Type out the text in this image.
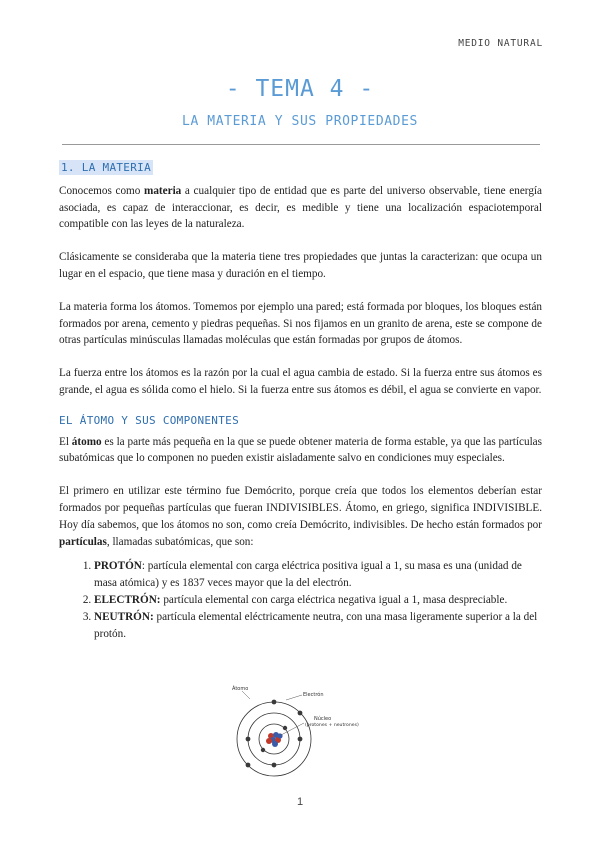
MEDIO NATURAL
- TEMA 4 -
LA MATERIA Y SUS PROPIEDADES
1. LA MATERIA

Conocemos como materia a cualquier tipo de entidad que es parte del universo observable, tiene energía asociada, es capaz de interaccionar, es decir, es medible y tiene una localización espaciotemporal compatible con las leyes de la naturaleza.

Clásicamente se consideraba que la materia tiene tres propiedades que juntas la caracterizan: que ocupa un lugar en el espacio, que tiene masa y duración en el tiempo.

La materia forma los átomos. Tomemos por ejemplo una pared; está formada por bloques, los bloques están formados por arena, cemento y piedras pequeñas. Si nos fijamos en un granito de arena, este se compone de otras partículas minúsculas llamadas moléculas que están formadas por grupos de átomos.

La fuerza entre los átomos es la razón por la cual el agua cambia de estado. Si la fuerza entre sus átomos es grande, el agua es sólida como el hielo. Si la fuerza entre sus átomos es débil, el agua se convierte en vapor.

EL ÁTOMO Y SUS COMPONENTES

El átomo es la parte más pequeña en la que se puede obtener materia de forma estable, ya que las partículas subatómicas que lo componen no pueden existir aisladamente salvo en condiciones muy especiales.

El primero en utilizar este término fue Demócrito, porque creía que todos los elementos deberían estar formados por pequeñas partículas que fueran INDIVISIBLES. Átomo, en griego, significa INDIVISIBLE. Hoy día sabemos, que los átomos no son, como creía Demócrito, indivisibles. De hecho están formados por partículas, llamadas subatómicas, que son:

1. PROTÓN: partícula elemental con carga eléctrica positiva igual a 1, su masa es una (unidad de masa atómica) y es 1837 veces mayor que la del electrón.
2. ELECTRÓN: partícula elemental con carga eléctrica negativa igual a 1, masa despreciable.
3. NEUTRÓN: partícula elemental eléctricamente neutra, con una masa ligeramente superior a la del protón.
Átomo
Electrón
Núcleo
(protones + neutrones)
1
